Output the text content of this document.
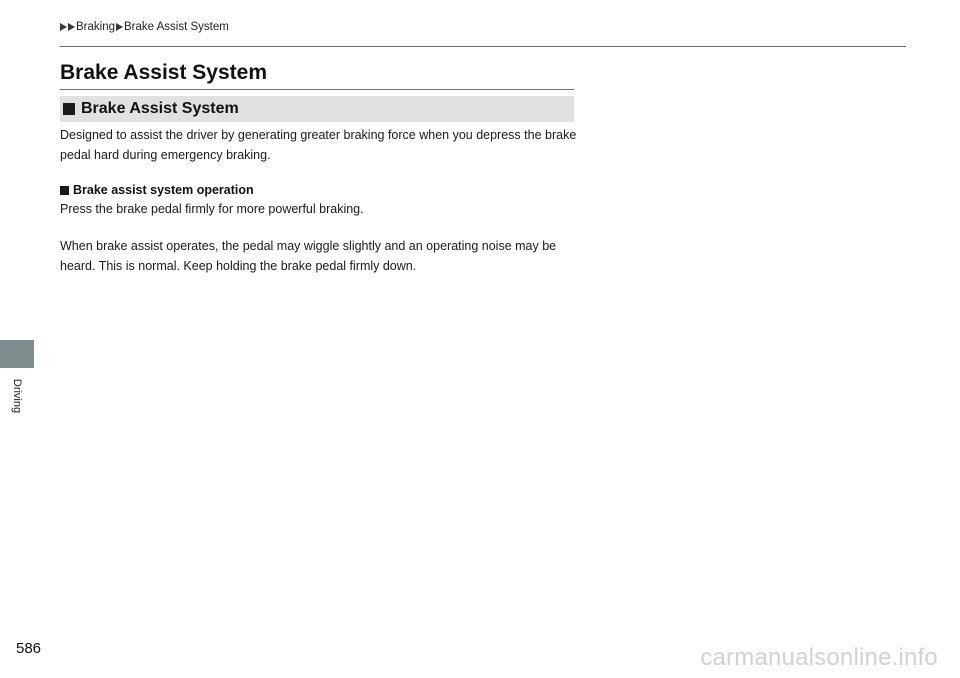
Braking Brake Assist System
Brake Assist System
Brake Assist System

Designed to assist the driver by generating greater braking force when you depress the brake pedal hard during emergency braking.

Brake assist system operation

Press the brake pedal firmly for more powerful braking.

When brake assist operates, the pedal may wiggle slightly and an operating noise may be heard. This is normal. Keep holding the brake pedal firmly down.

Driving
586	carmanualsonline.info
